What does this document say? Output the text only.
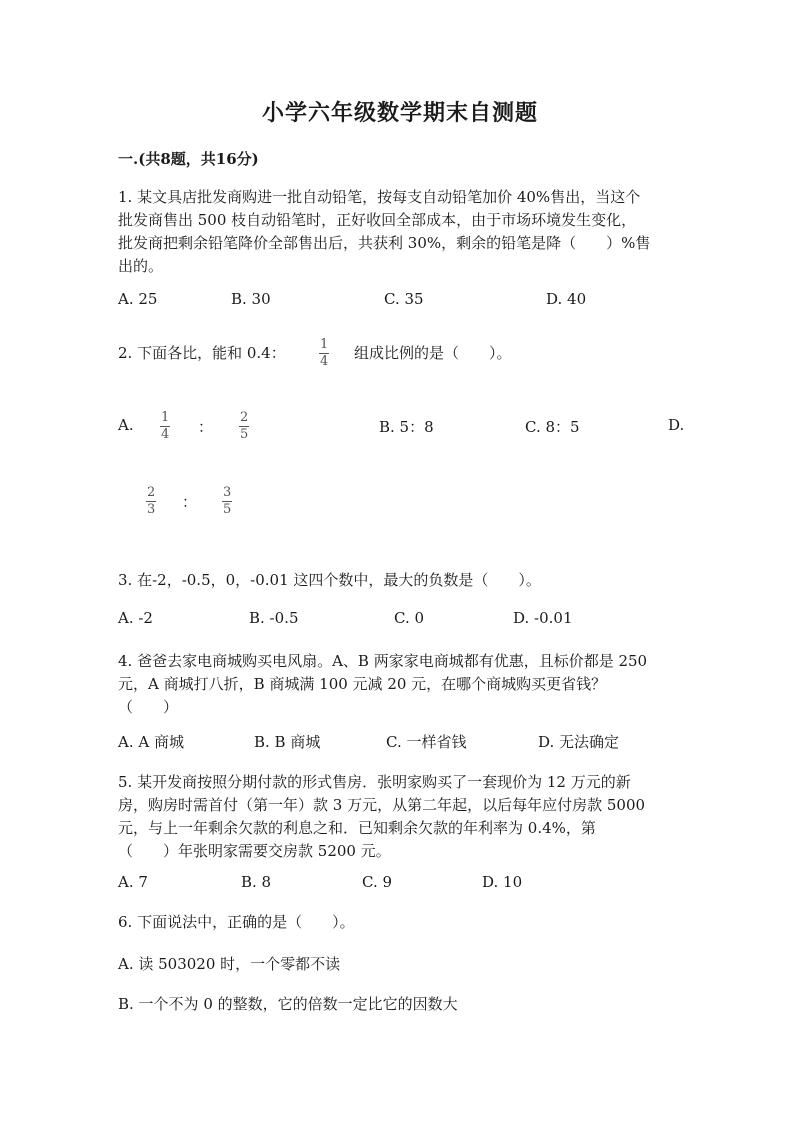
小学六年级数学期末自测题
一.(共8题，共16分)
1. 某文具店批发商购进一批自动铅笔，按每支自动铅笔加价 40%售出，当这个
批发商售出 500 枝自动铅笔时，正好收回全部成本，由于市场环境发生变化，
批发商把剩余铅笔降价全部售出后，共获利 30%，剩余的铅笔是降（　　）%售
出的。
A. 25	B. 30	C. 35	D. 40
2. 下面各比，能和 0.4： $\frac{1}{4}$ 组成比例的是（　　）。
A. $\frac{1}{4}$ ： $\frac{2}{5}$	B. 5：8	C. 8：5	D.
$\frac{2}{3}$ ： $\frac{3}{5}$
3. 在-2，-0.5，0，-0.01 这四个数中，最大的负数是（　　）。
A. -2	B. -0.5	C. 0	D. -0.01
4. 爸爸去家电商城购买电风扇。A、B 两家家电商城都有优惠，且标价都是 250
元，A 商城打八折，B 商城满 100 元减 20 元，在哪个商城购买更省钱？
（　　）
A. A 商城	B. B 商城	C. 一样省钱	D. 无法确定
5. 某开发商按照分期付款的形式售房．张明家购买了一套现价为 12 万元的新
房，购房时需首付（第一年）款 3 万元，从第二年起，以后每年应付房款 5000
元，与上一年剩余欠款的利息之和．已知剩余欠款的年利率为 0.4%，第
（　　）年张明家需要交房款 5200 元。
A. 7	B. 8	C. 9	D. 10
6. 下面说法中，正确的是（　　）。
A. 读 503020 时，一个零都不读
B. 一个不为 0 的整数，它的倍数一定比它的因数大
